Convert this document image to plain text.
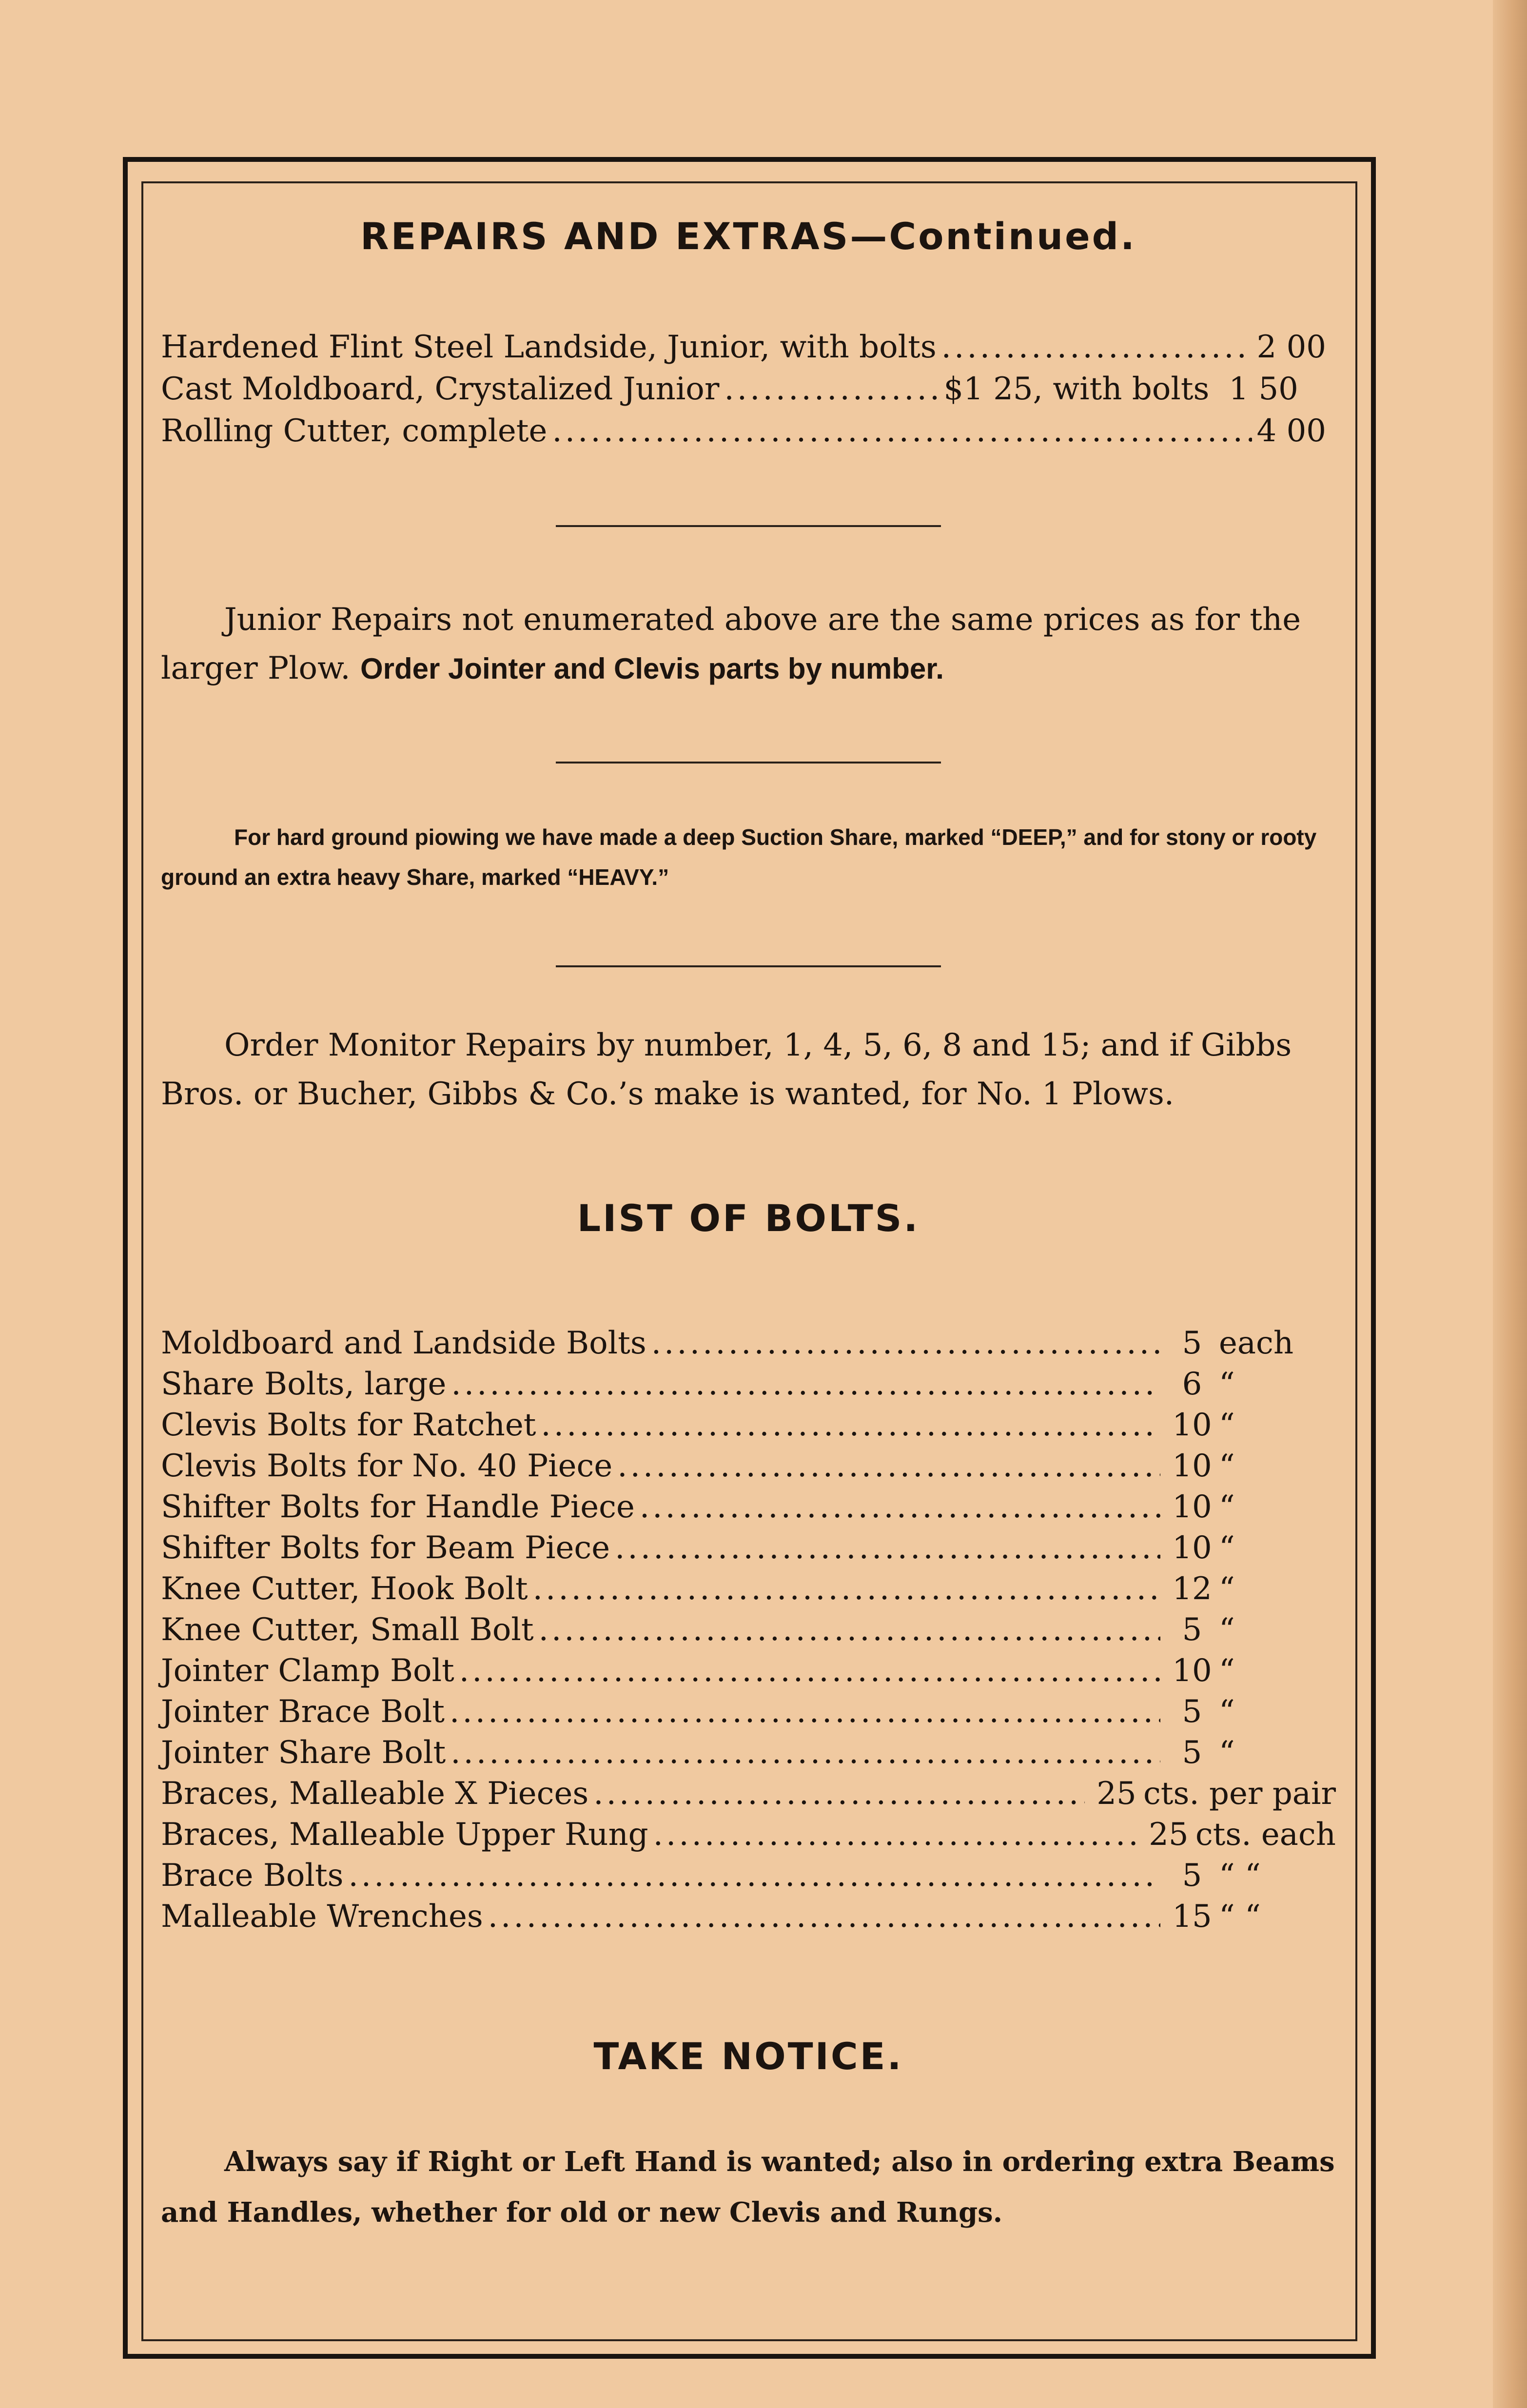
REPAIRS AND EXTRAS—Continued.
Hardened Flint Steel Landside, Junior, with bolts .....	2 00
Cast Moldboard, Crystalized Junior .....	$1 25, with bolts 1 50
Rolling Cutter, complete .....	4 00

Junior Repairs not enumerated above are the same prices as for the larger Plow. Order Jointer and Clevis parts by number.

For hard ground piowing we have made a deep Suction Share, marked “DEEP,” and for stony or rooty ground an extra heavy Share, marked “HEAVY.”

Order Monitor Repairs by number, 1, 4, 5, 6, 8 and 15; and if Gibbs Bros. or Bucher, Gibbs & Co.’s make is wanted, for No. 1 Plows.

LIST OF BOLTS.
Moldboard and Landside Bolts .....	5 each
Share Bolts, large .....	6 “
Clevis Bolts for Ratchet .....	10 “
Clevis Bolts for No. 40 Piece .....	10 “
Shifter Bolts for Handle Piece .....	10 “
Shifter Bolts for Beam Piece .....	10 “
Knee Cutter, Hook Bolt .....	12 “
Knee Cutter, Small Bolt .....	5 “
Jointer Clamp Bolt .....	10 “
Jointer Brace Bolt .....	5 “
Jointer Share Bolt .....	5 “
Braces, Malleable X Pieces .....	25 cts. per pair
Braces, Malleable Upper Rung .....	25 cts. each
Brace Bolts .....	5 “ “
Malleable Wrenches .....	15 “ “
TAKE NOTICE.

Always say if Right or Left Hand is wanted; also in ordering extra Beams and Handles, whether for old or new Clevis and Rungs.
